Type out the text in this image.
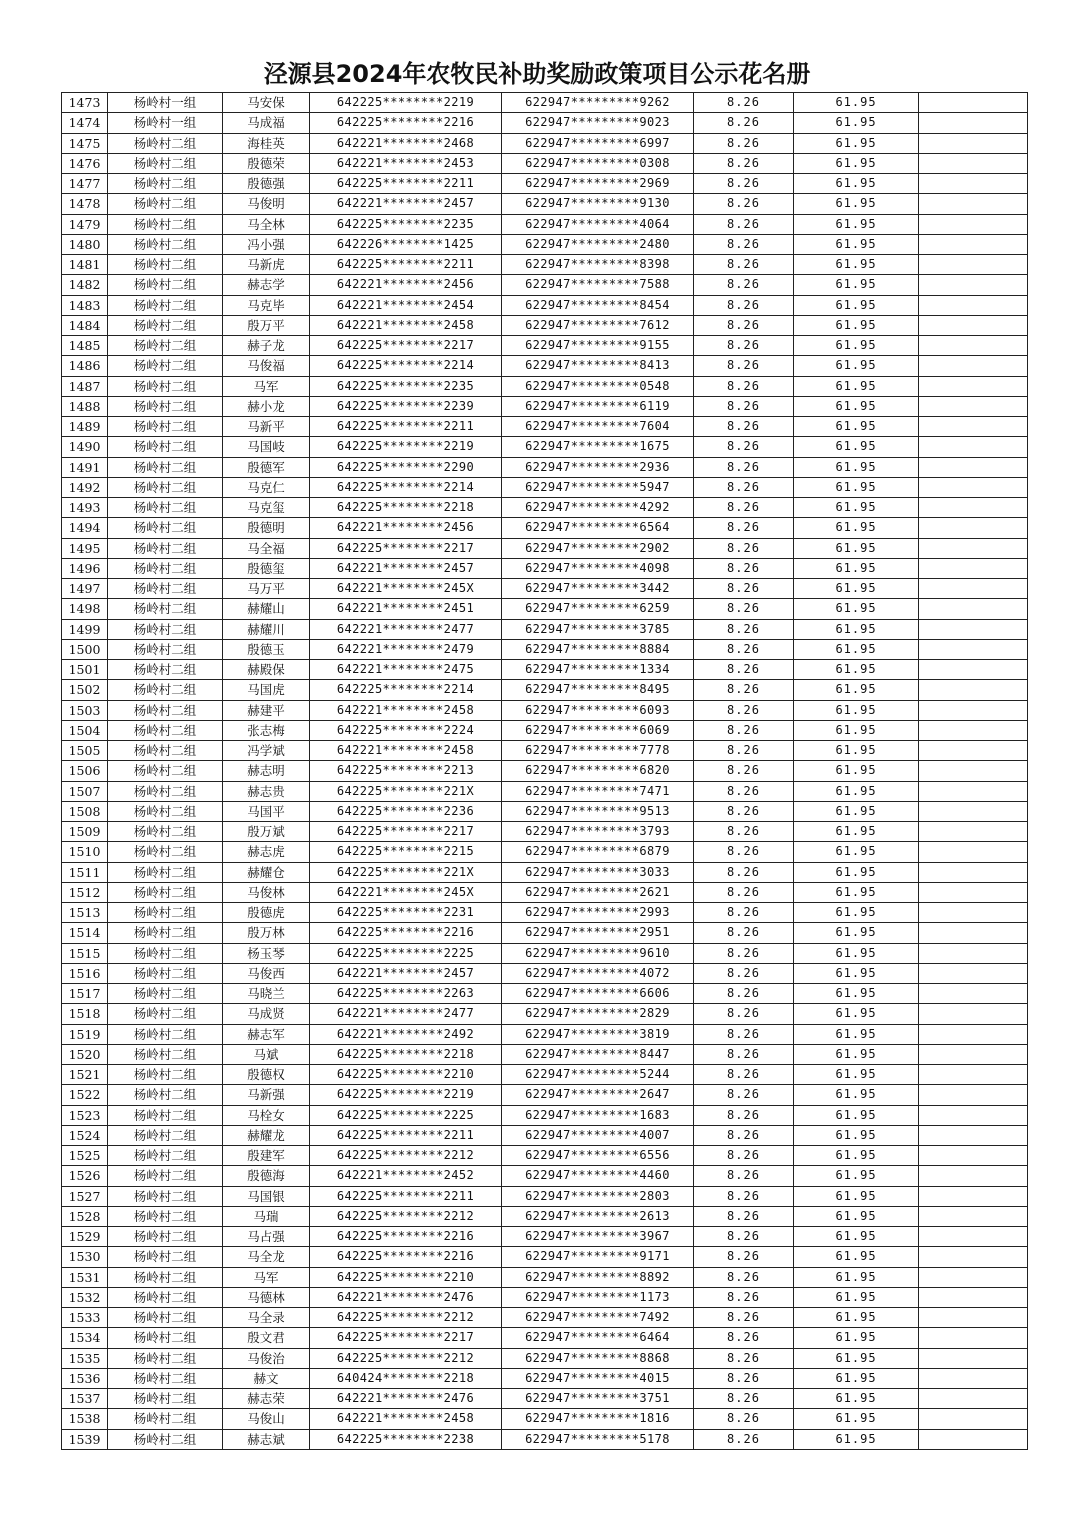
泾源县2024年农牧民补助奖励政策项目公示花名册
1473	杨岭村一组	马安保	642225********2219	622947*********9262	8.26	61.95	
1474	杨岭村一组	马成福	642225********2216	622947*********9023	8.26	61.95	
1475	杨岭村二组	海桂英	642221********2468	622947*********6997	8.26	61.95	
1476	杨岭村二组	殷德荣	642221********2453	622947*********0308	8.26	61.95	
1477	杨岭村二组	殷德强	642225********2211	622947*********2969	8.26	61.95	
1478	杨岭村二组	马俊明	642221********2457	622947*********9130	8.26	61.95	
1479	杨岭村二组	马全林	642225********2235	622947*********4064	8.26	61.95	
1480	杨岭村二组	冯小强	642226********1425	622947*********2480	8.26	61.95	
1481	杨岭村二组	马新虎	642225********2211	622947*********8398	8.26	61.95	
1482	杨岭村二组	赫志学	642221********2456	622947*********7588	8.26	61.95	
1483	杨岭村二组	马克毕	642221********2454	622947*********8454	8.26	61.95	
1484	杨岭村二组	殷万平	642221********2458	622947*********7612	8.26	61.95	
1485	杨岭村二组	赫子龙	642225********2217	622947*********9155	8.26	61.95	
1486	杨岭村二组	马俊福	642225********2214	622947*********8413	8.26	61.95	
1487	杨岭村二组	马军	642225********2235	622947*********0548	8.26	61.95	
1488	杨岭村二组	赫小龙	642225********2239	622947*********6119	8.26	61.95	
1489	杨岭村二组	马新平	642225********2211	622947*********7604	8.26	61.95	
1490	杨岭村二组	马国岐	642225********2219	622947*********1675	8.26	61.95	
1491	杨岭村二组	殷德军	642225********2290	622947*********2936	8.26	61.95	
1492	杨岭村二组	马克仁	642225********2214	622947*********5947	8.26	61.95	
1493	杨岭村二组	马克玺	642225********2218	622947*********4292	8.26	61.95	
1494	杨岭村二组	殷德明	642221********2456	622947*********6564	8.26	61.95	
1495	杨岭村二组	马全福	642225********2217	622947*********2902	8.26	61.95	
1496	杨岭村二组	殷德玺	642221********2457	622947*********4098	8.26	61.95	
1497	杨岭村二组	马万平	642221********245X	622947*********3442	8.26	61.95	
1498	杨岭村二组	赫耀山	642221********2451	622947*********6259	8.26	61.95	
1499	杨岭村二组	赫耀川	642221********2477	622947*********3785	8.26	61.95	
1500	杨岭村二组	殷德玉	642221********2479	622947*********8884	8.26	61.95	
1501	杨岭村二组	赫殿保	642221********2475	622947*********1334	8.26	61.95	
1502	杨岭村二组	马国虎	642225********2214	622947*********8495	8.26	61.95	
1503	杨岭村二组	赫建平	642221********2458	622947*********6093	8.26	61.95	
1504	杨岭村二组	张志梅	642225********2224	622947*********6069	8.26	61.95	
1505	杨岭村二组	冯学斌	642221********2458	622947*********7778	8.26	61.95	
1506	杨岭村二组	赫志明	642225********2213	622947*********6820	8.26	61.95	
1507	杨岭村二组	赫志贵	642225********221X	622947*********7471	8.26	61.95	
1508	杨岭村二组	马国平	642225********2236	622947*********9513	8.26	61.95	
1509	杨岭村二组	殷万斌	642225********2217	622947*********3793	8.26	61.95	
1510	杨岭村二组	赫志虎	642225********2215	622947*********6879	8.26	61.95	
1511	杨岭村二组	赫耀仓	642225********221X	622947*********3033	8.26	61.95	
1512	杨岭村二组	马俊林	642221********245X	622947*********2621	8.26	61.95	
1513	杨岭村二组	殷德虎	642225********2231	622947*********2993	8.26	61.95	
1514	杨岭村二组	殷万林	642225********2216	622947*********2951	8.26	61.95	
1515	杨岭村二组	杨玉琴	642225********2225	622947*********9610	8.26	61.95	
1516	杨岭村二组	马俊西	642221********2457	622947*********4072	8.26	61.95	
1517	杨岭村二组	马晓兰	642225********2263	622947*********6606	8.26	61.95	
1518	杨岭村二组	马成贤	642221********2477	622947*********2829	8.26	61.95	
1519	杨岭村二组	赫志军	642221********2492	622947*********3819	8.26	61.95	
1520	杨岭村二组	马斌	642225********2218	622947*********8447	8.26	61.95	
1521	杨岭村二组	殷德权	642225********2210	622947*********5244	8.26	61.95	
1522	杨岭村二组	马新强	642225********2219	622947*********2647	8.26	61.95	
1523	杨岭村二组	马栓女	642225********2225	622947*********1683	8.26	61.95	
1524	杨岭村二组	赫耀龙	642225********2211	622947*********4007	8.26	61.95	
1525	杨岭村二组	殷建军	642225********2212	622947*********6556	8.26	61.95	
1526	杨岭村二组	殷德海	642221********2452	622947*********4460	8.26	61.95	
1527	杨岭村二组	马国银	642225********2211	622947*********2803	8.26	61.95	
1528	杨岭村二组	马瑞	642225********2212	622947*********2613	8.26	61.95	
1529	杨岭村二组	马占强	642225********2216	622947*********3967	8.26	61.95	
1530	杨岭村二组	马全龙	642225********2216	622947*********9171	8.26	61.95	
1531	杨岭村二组	马军	642225********2210	622947*********8892	8.26	61.95	
1532	杨岭村二组	马德林	642221********2476	622947*********1173	8.26	61.95	
1533	杨岭村二组	马全录	642225********2212	622947*********7492	8.26	61.95	
1534	杨岭村二组	殷文君	642225********2217	622947*********6464	8.26	61.95	
1535	杨岭村二组	马俊治	642225********2212	622947*********8868	8.26	61.95	
1536	杨岭村二组	赫文	640424********2218	622947*********4015	8.26	61.95	
1537	杨岭村二组	赫志荣	642221********2476	622947*********3751	8.26	61.95	
1538	杨岭村二组	马俊山	642221********2458	622947*********1816	8.26	61.95	
1539	杨岭村二组	赫志斌	642225********2238	622947*********5178	8.26	61.95	
